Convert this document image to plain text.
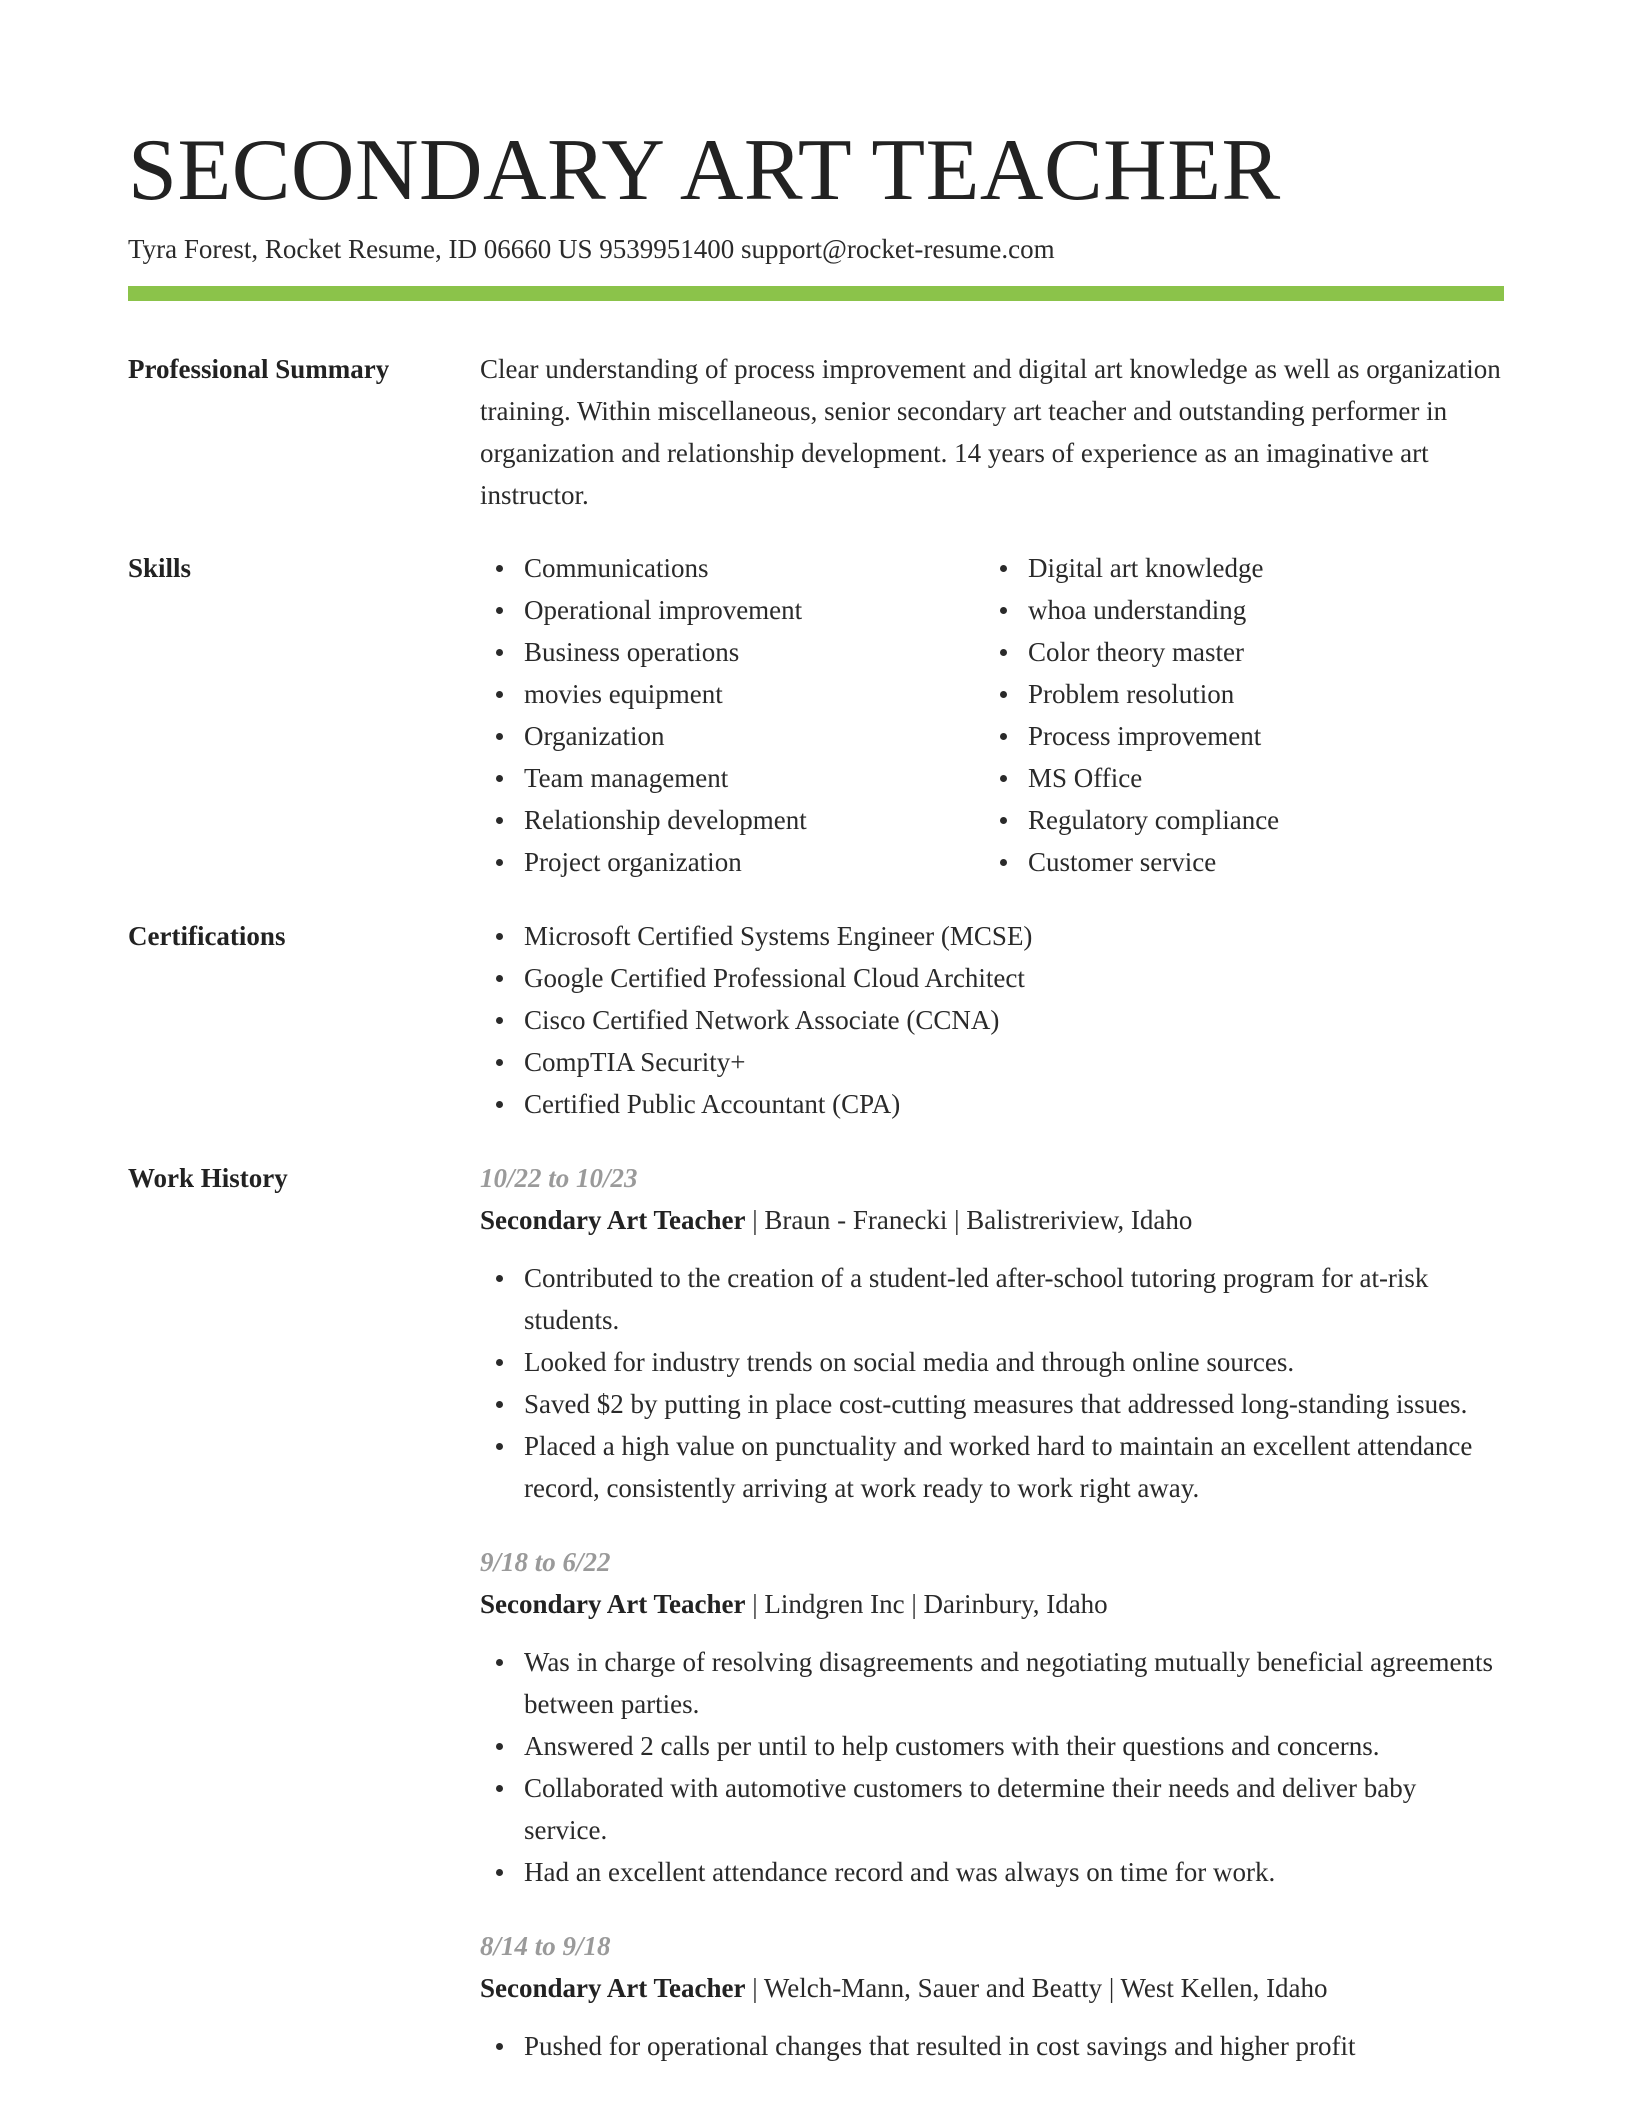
SECONDARY ART TEACHER
Tyra Forest, Rocket Resume, ID 06660 US 9539951400 support@rocket-resume.com
Professional Summary	Clear understanding of process improvement and digital art knowledge as well as organization training. Within miscellaneous, senior secondary art teacher and outstanding performer in organization and relationship development. 14 years of experience as an imaginative art instructor.

Skills	Communications
Operational improvement
Business operations
movies equipment
Organization
Team management
Relationship development
Project organization
Digital art knowledge
whoa understanding
Color theory master
Problem resolution
Process improvement
MS Office
Regulatory compliance
Customer service
Certifications	Microsoft Certified Systems Engineer (MCSE)
Google Certified Professional Cloud Architect
Cisco Certified Network Associate (CCNA)
CompTIA Security+
Certified Public Accountant (CPA)
Work History	10/22 to 10/23
Secondary Art Teacher | Braun - Franecki | Balistreriview, Idaho
Contributed to the creation of a student-led after-school tutoring program for at-risk students.
Looked for industry trends on social media and through online sources.
Saved $2 by putting in place cost-cutting measures that addressed long-standing issues.
Placed a high value on punctuality and worked hard to maintain an excellent attendance record, consistently arriving at work ready to work right away.
9/18 to 6/22
Secondary Art Teacher | Lindgren Inc | Darinbury, Idaho
Was in charge of resolving disagreements and negotiating mutually beneficial agreements between parties.
Answered 2 calls per until to help customers with their questions and concerns.
Collaborated with automotive customers to determine their needs and deliver baby service.
Had an excellent attendance record and was always on time for work.
8/14 to 9/18
Secondary Art Teacher | Welch-Mann, Sauer and Beatty | West Kellen, Idaho
Pushed for operational changes that resulted in cost savings and higher profit
